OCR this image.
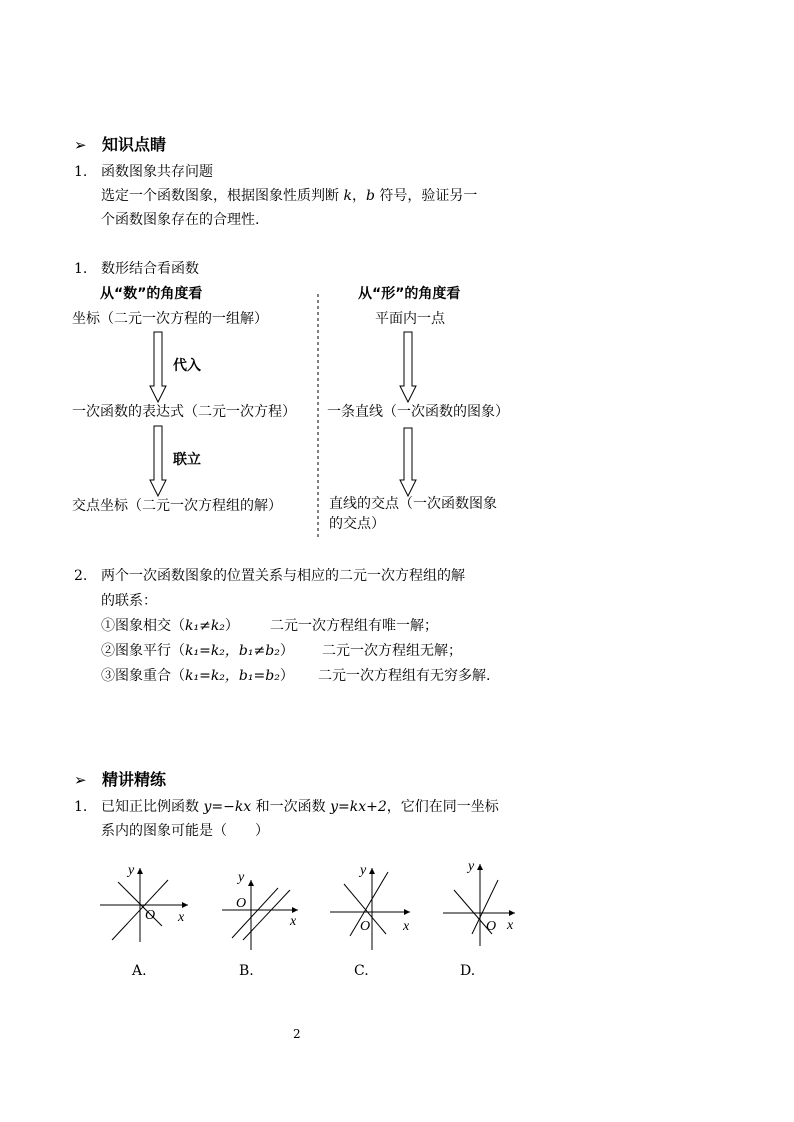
➢ 知识点睛
1. 函数图象共存问题
选定一个函数图象，根据图象性质判断 k，b 符号，验证另一
个函数图象存在的合理性.
1. 数形结合看函数
从“数”的角度看	从“形”的角度看
坐标（二元一次方程的一组解）	平面内一点
一次函数的表达式（二元一次方程） 一条直线（一次函数的图象）
交点坐标（二元一次方程组的解）	直线的交点（一次函数图象
的交点）
代入
联立
2. 两个一次函数图象的位置关系与相应的二元一次方程组的解
的联系：
①图象相交（k₁≠k₂） 二元一次方程组有唯一解；
②图象平行（k₁=k₂，b₁≠b₂） 二元一次方程组无解；
③图象重合（k₁=k₂，b₁=b₂） 二元一次方程组有无穷多解.
➢ 精讲精练
1. 已知正比例函数 y=−kx 和一次函数 y=kx+2，它们在同一坐标
系内的图象可能是（　　）
y
x
O
y
x
O
y
x
O
y
x
O
A.	B.	C.	D.
2
